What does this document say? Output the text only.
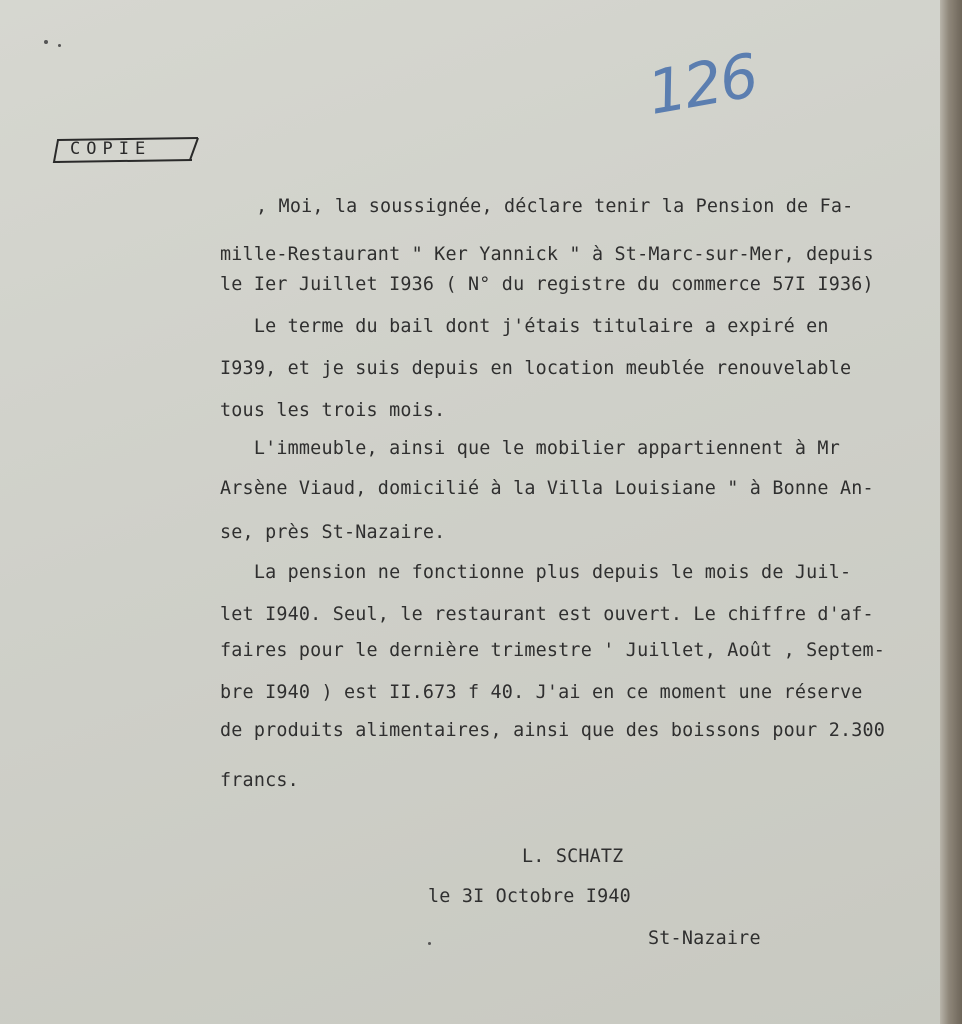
126
COPIE
, Moi, la soussignée, déclare tenir la Pension de Fa-
mille-Restaurant " Ker Yannick " à St-Marc-sur-Mer, depuis
le Ier Juillet I936 ( N° du registre du commerce 57I I936)
Le terme du bail dont j'étais titulaire a expiré en
I939, et je suis depuis en location meublée renouvelable
tous les trois mois.
L'immeuble, ainsi que le mobilier appartiennent à Mr
Arsène Viaud, domicilié à la Villa Louisiane " à Bonne An-
se, près St-Nazaire.
La pension ne fonctionne plus depuis le mois de Juil-
let I940. Seul, le restaurant est ouvert. Le chiffre d'af-
faires pour le dernière trimestre ' Juillet, Août , Septem-
bre I940 ) est II.673 f 40. J'ai en ce moment une réserve
de produits alimentaires, ainsi que des boissons pour 2.300
francs.
L. SCHATZ
le 3I Octobre I940
St-Nazaire
